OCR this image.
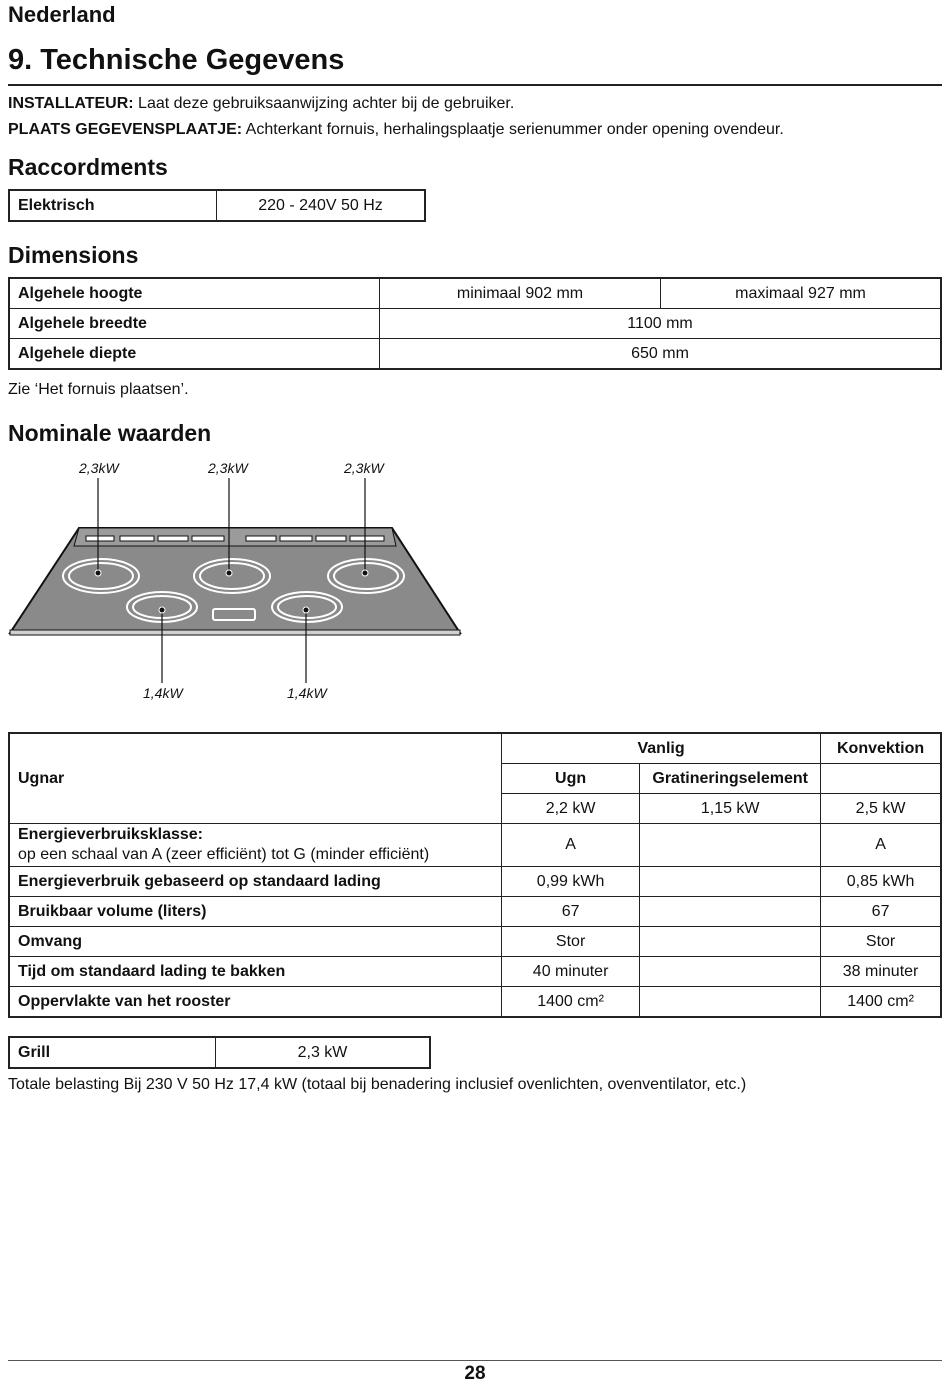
Nederland
9. Technische Gegevens
INSTALLATEUR: Laat deze gebruiksaanwijzing achter bij de gebruiker.
PLAATS GEGEVENSPLAATJE: Achterkant fornuis, herhalingsplaatje serienummer onder opening ovendeur.
Raccordments
Elektrisch	220 - 240V 50 Hz
Dimensions
Algehele hoogte	minimaal 902 mm	maximaal 927 mm
Algehele breedte	1100 mm	
Algehele diepte	650 mm	
Zie ‘Het fornuis plaatsen’.
Nominale waarden
2,3kW	2,3kW	2,3kW
1,4kW	1,4kW
Ugnar	Vanlig		Konvektion
	Ugn	Gratineringselement	
	2,2 kW	1,15 kW	2,5 kW

Energieverbruiksklasse:
op een schaal van A (zeer efficiënt) tot G (minder efficiënt)	A		A
Energieverbruik gebaseerd op standaard lading	0,99 kWh		0,85 kWh
Bruikbaar volume (liters)	67		67
Omvang	Stor		Stor
Tijd om standaard lading te bakken	40 minuter		38 minuter
Oppervlakte van het rooster	1400 cm²		1400 cm²
Grill	2,3 kW
Totale belasting Bij 230 V 50 Hz 17,4 kW (totaal bij benadering inclusief ovenlichten, ovenventilator, etc.)
28
